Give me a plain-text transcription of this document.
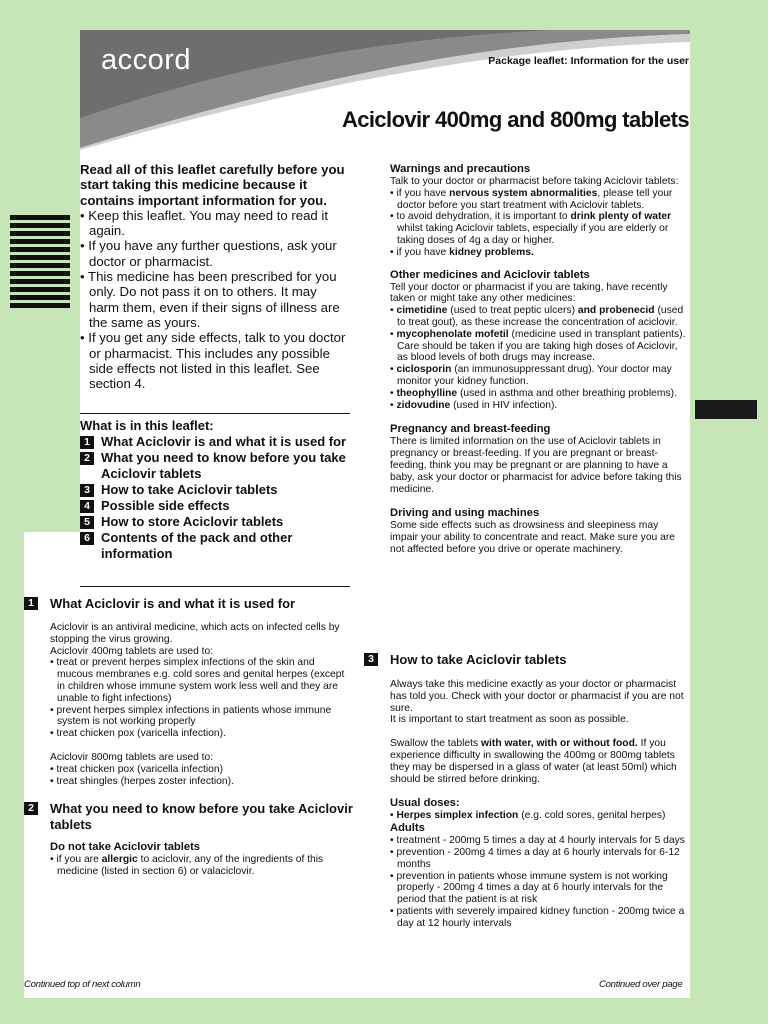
accord	Package leaflet: Information for the user
Aciclovir 400mg and 800mg tablets
Read all of this leaflet carefully before you start taking this medicine because it contains important information for you.
• Keep this leaflet. You may need to read it again.
• If you have any further questions, ask your doctor or pharmacist.
• This medicine has been prescribed for you only. Do not pass it on to others. It may harm them, even if their signs of illness are the same as yours.
• If you get any side effects, talk to you doctor or pharmacist. This includes any possible side effects not listed in this leaflet. See section 4.
What is in this leaflet:
1 What Aciclovir is and what it is used for
2 What you need to know before you take Aciclovir tablets
3 How to take Aciclovir tablets
4 Possible side effects
5 How to store Aciclovir tablets
6 Contents of the pack and other information
1	What Aciclovir is and what it is used for
Aciclovir is an antiviral medicine, which acts on infected cells by stopping the virus growing.
Aciclovir 400mg tablets are used to:
• treat or prevent herpes simplex infections of the skin and mucous membranes e.g. cold sores and genital herpes (except in children whose immune system work less well and they are unable to fight infections)
• prevent herpes simplex infections in patients whose immune system is not working properly
• treat chicken pox (varicella infection).
Aciclovir 800mg tablets are used to:
• treat chicken pox (varicella infection)
• treat shingles (herpes zoster infection).
2	What you need to know before you take Aciclovir tablets
Do not take Aciclovir tablets
• if you are allergic to aciclovir, any of the ingredients of this medicine (listed in section 6) or valaciclovir.
Warnings and precautions
Talk to your doctor or pharmacist before taking Aciclovir tablets:
• if you have nervous system abnormalities, please tell your doctor before you start treatment with Aciclovir tablets.
• to avoid dehydration, it is important to drink plenty of water whilst taking Aciclovir tablets, especially if you are elderly or taking doses of 4g a day or higher.
• if you have kidney problems.
Other medicines and Aciclovir tablets
Tell your doctor or pharmacist if you are taking, have recently taken or might take any other medicines:
• cimetidine (used to treat peptic ulcers) and probenecid (used to treat gout), as these increase the concentration of aciclovir.
• mycophenolate mofetil (medicine used in transplant patients). Care should be taken if you are taking high doses of Aciclovir, as blood levels of both drugs may increase.
• ciclosporin (an immunosuppressant drug). Your doctor may monitor your kidney function.
• theophylline (used in asthma and other breathing problems).
• zidovudine (used in HIV infection).
Pregnancy and breast-feeding
There is limited information on the use of Aciclovir tablets in pregnancy or breast-feeding. If you are pregnant or breast-feeding, think you may be pregnant or are planning to have a baby, ask your doctor or pharmacist for advice before taking this medicine.
Driving and using machines
Some side effects such as drowsiness and sleepiness may impair your ability to concentrate and react. Make sure you are not affected before you drive or operate machinery.
3	How to take Aciclovir tablets
Always take this medicine exactly as your doctor or pharmacist has told you. Check with your doctor or pharmacist if you are not sure.
It is important to start treatment as soon as possible.
Swallow the tablets with water, with or without food. If you experience difficulty in swallowing the 400mg or 800mg tablets they may be dispersed in a glass of water (at least 50ml) which should be stirred before drinking.
Usual doses:
• Herpes simplex infection (e.g. cold sores, genital herpes)
Adults
• treatment - 200mg 5 times a day at 4 hourly intervals for 5 days
• prevention - 200mg 4 times a day at 6 hourly intervals for 6-12 months
• prevention in patients whose immune system is not working properly - 200mg 4 times a day at 6 hourly intervals for the period that the patient is at risk
• patients with severely impaired kidney function - 200mg twice a day at 12 hourly intervals
Continued top of next column	Continued over page
